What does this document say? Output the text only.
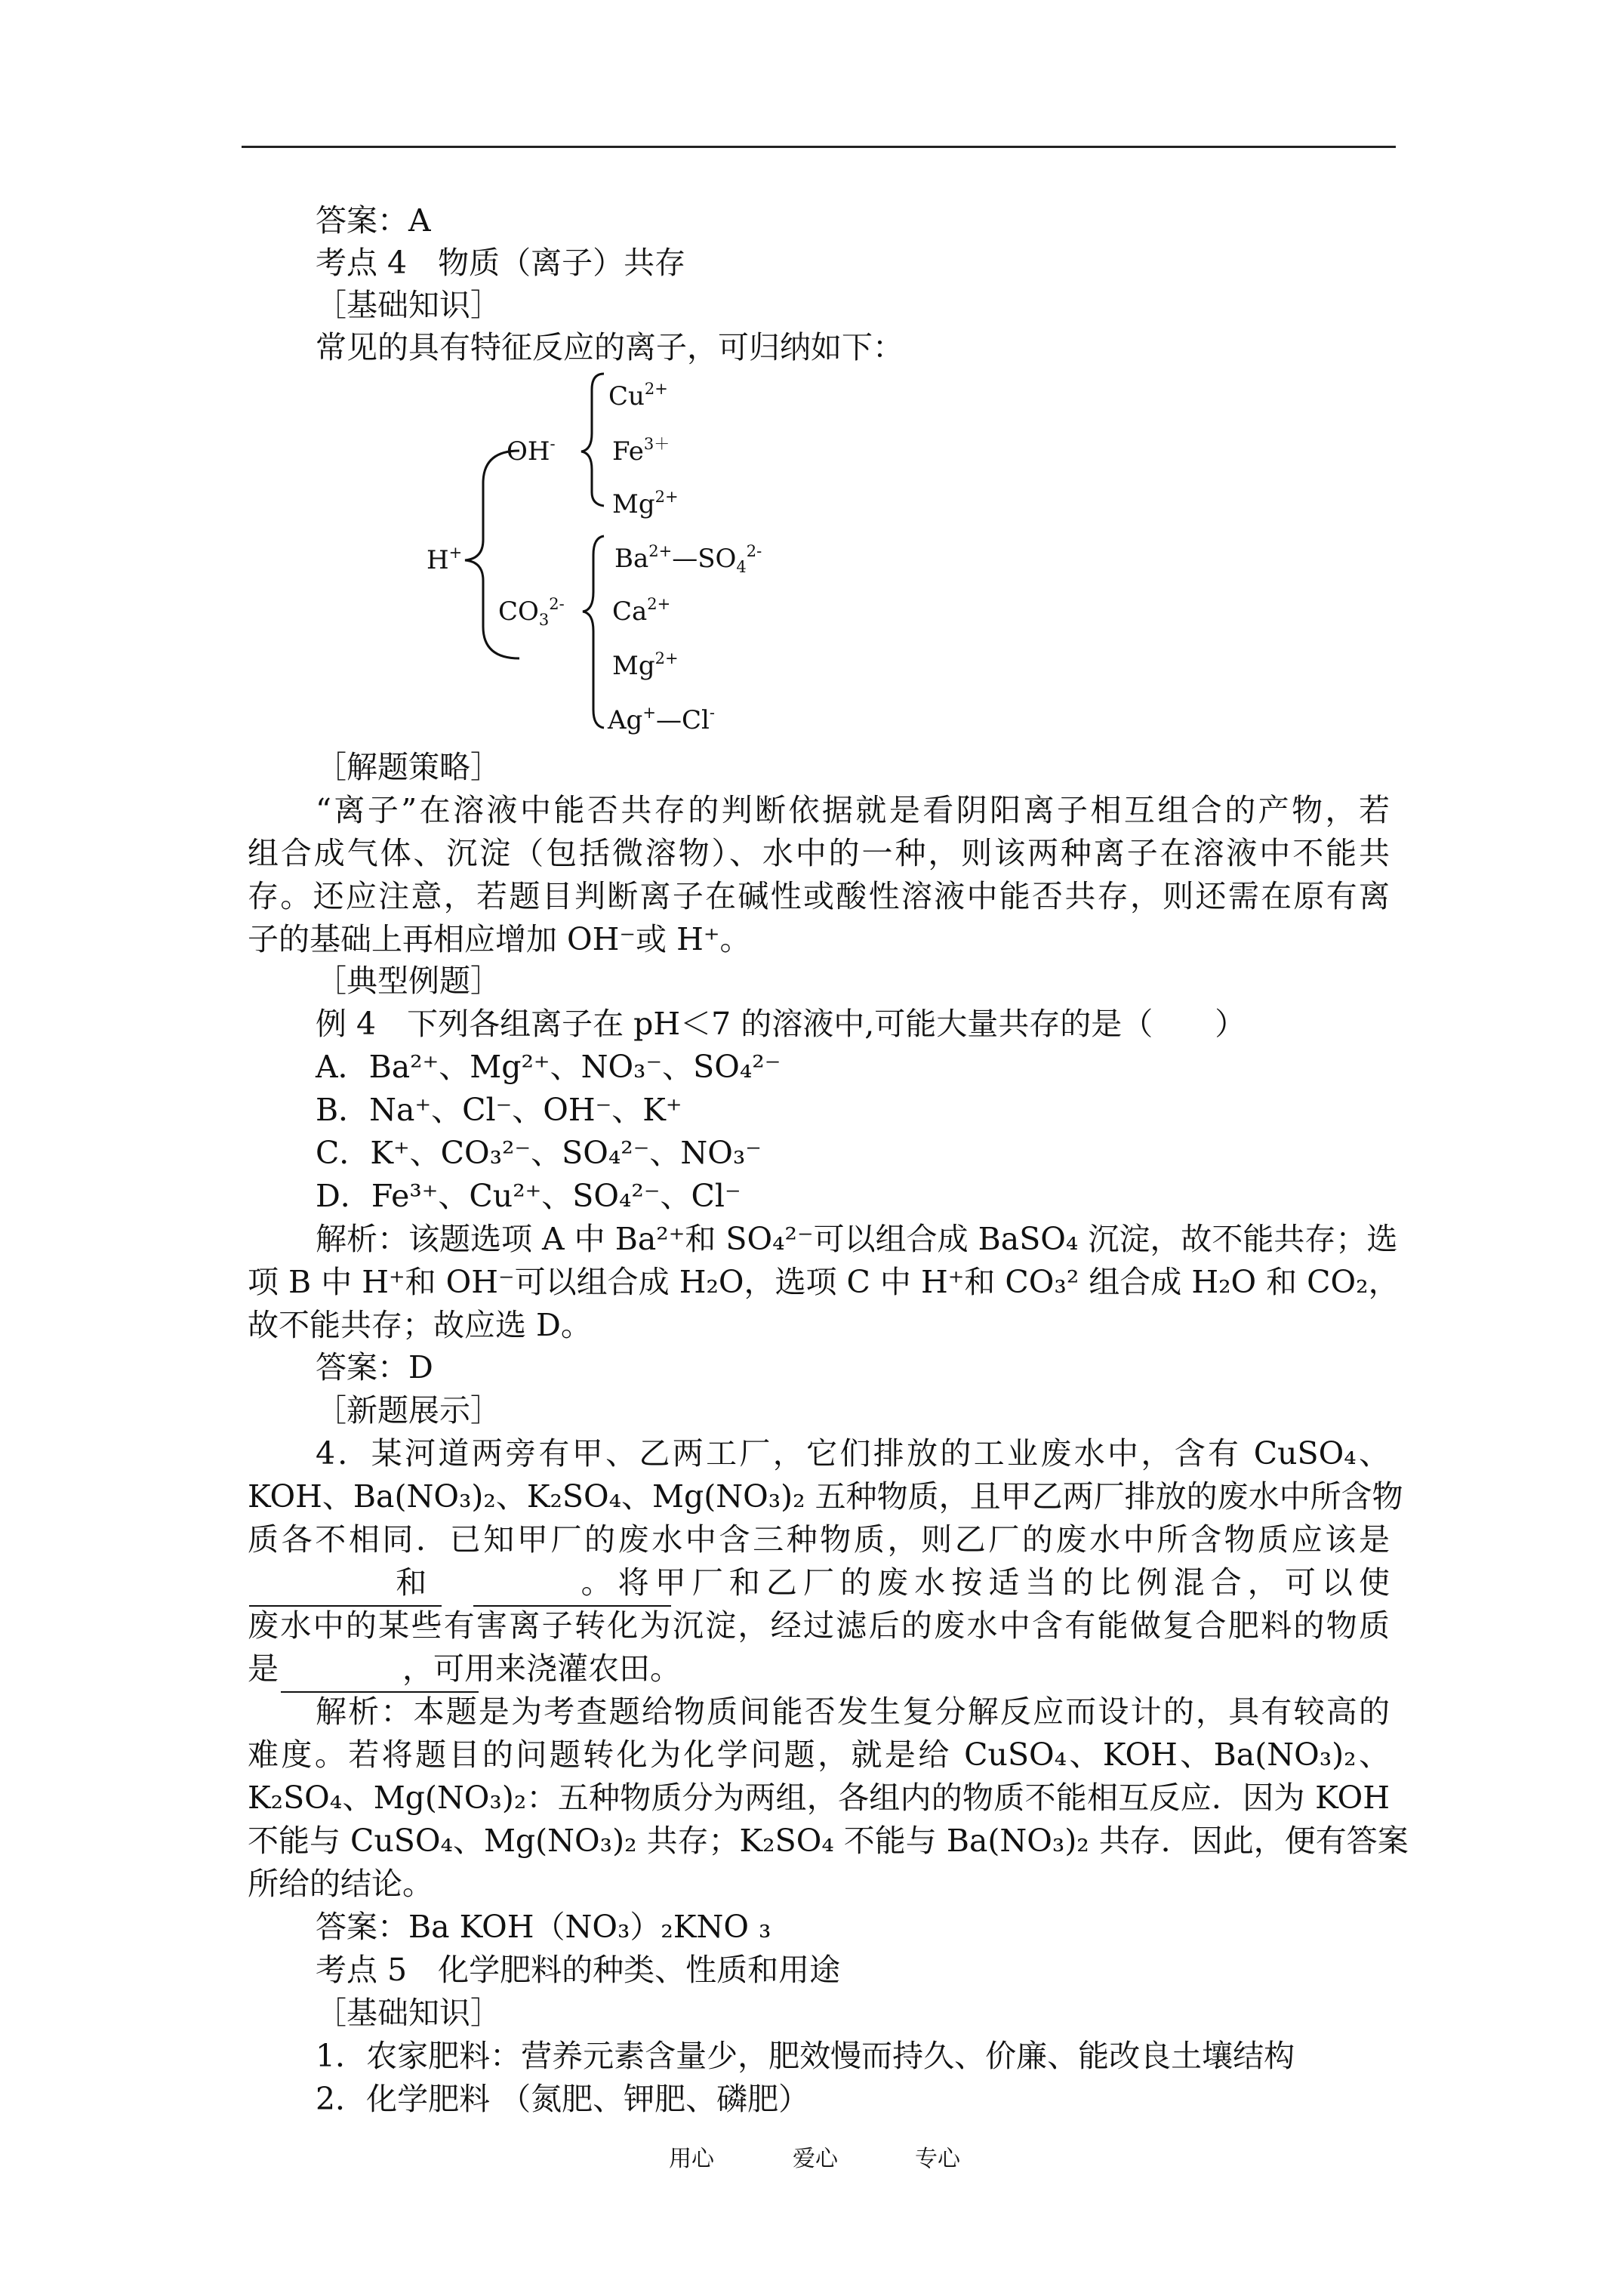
答案：A
考点 4　物质（离子）共存
［基础知识］
常见的具有特征反应的离子，可归纳如下：
H+
OH-
$CO_3^{2-}$
$Cu^{2+}$
$Fe^{3+}$
$Mg^{2+}$
$Ba^{2+}—SO_4^{2-}$
$Ca^{2+}$
$Mg^{2+}$
Ag+—Cl-
［解题策略］
“离子”在溶液中能否共存的判断依据就是看阴阳离子相互组合的产物，若
组合成气体、沉淀（包括微溶物）、水中的一种，则该两种离子在溶液中不能共
存。还应注意，若题目判断离子在碱性或酸性溶液中能否共存，则还需在原有离
子的基础上再相应增加 OH⁻或 H⁺。
［典型例题］
例 4　下列各组离子在 pH＜7 的溶液中,可能大量共存的是（　　）
A．Ba²⁺、Mg²⁺、NO₃⁻、SO₄²⁻
B．Na⁺、Cl⁻、OH⁻、K⁺
C．K⁺、CO₃²⁻、SO₄²⁻、NO₃⁻
D．Fe³⁺、Cu²⁺、SO₄²⁻、Cl⁻
解析：该题选项 A 中 Ba²⁺和 SO₄²⁻可以组合成 BaSO₄ 沉淀，故不能共存；选
项 B 中 H⁺和 OH⁻可以组合成 H₂O，选项 C 中 H⁺和 CO₃² 组合成 H₂O 和 CO₂，
故不能共存；故应选 D。
答案：D
［新题展示］
4．某河道两旁有甲、乙两工厂，它们排放的工业废水中，含有 CuSO₄、
KOH、Ba(NO₃)₂、K₂SO₄、Mg(NO₃)₂ 五种物质，且甲乙两厂排放的废水中所含物
质各不相同．已知甲厂的废水中含三种物质，则乙厂的废水中所含物质应该是
　　　　和　　　　。将甲厂和乙厂的废水按适当的比例混合，可以使
废水中的某些有害离子转化为沉淀，经过滤后的废水中含有能做复合肥料的物质
是　　　　，可用来浇灌农田。
解析：本题是为考查题给物质间能否发生复分解反应而设计的，具有较高的
难度。若将题目的问题转化为化学问题，就是给 CuSO₄、KOH、Ba(NO₃)₂、
K₂SO₄、Mg(NO₃)₂：五种物质分为两组，各组内的物质不能相互反应．因为 KOH
不能与 CuSO₄、Mg(NO₃)₂ 共存；K₂SO₄ 不能与 Ba(NO₃)₂ 共存．因此，便有答案
所给的结论。
答案：Ba KOH（NO₃）₂KNO ₃
考点 5　化学肥料的种类、性质和用途
［基础知识］
1．农家肥料：营养元素含量少，肥效慢而持久、价廉、能改良土壤结构
2．化学肥料 （氮肥、钾肥、磷肥）
用心	爱心	专心
